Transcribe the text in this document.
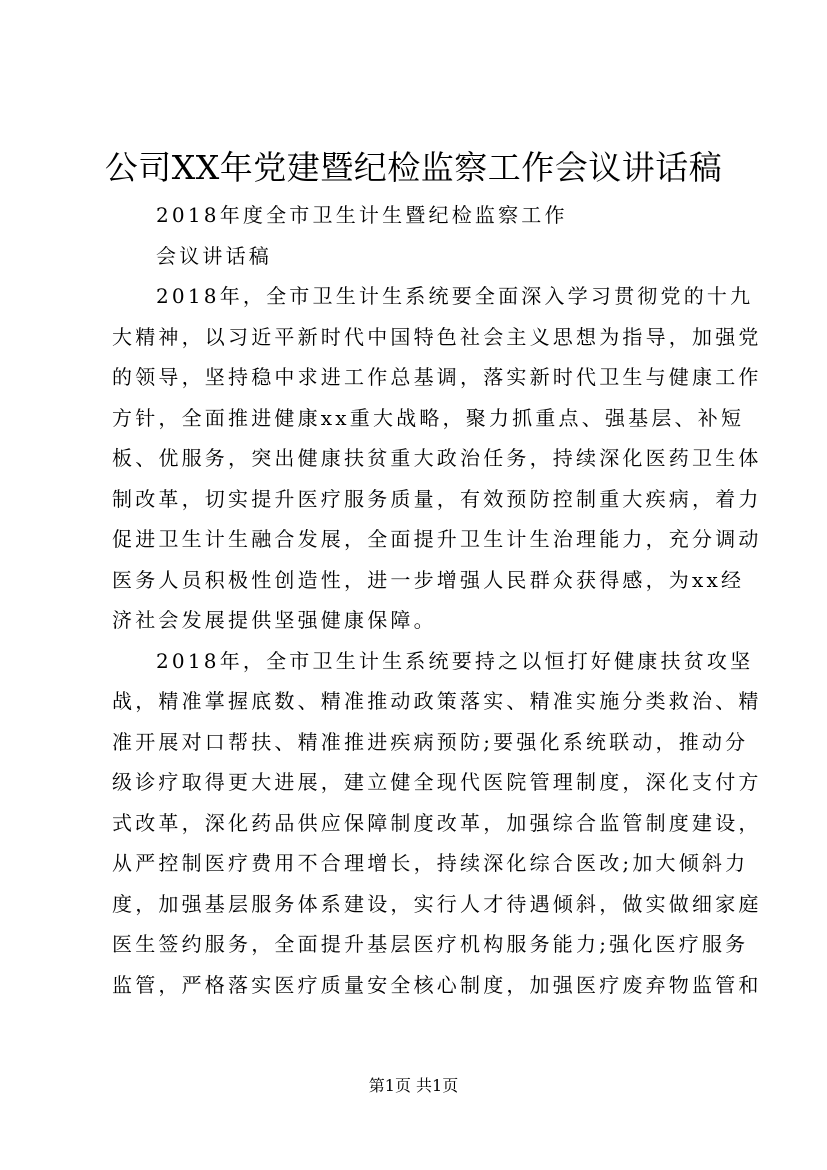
公司XX年党建暨纪检监察工作会议讲话稿
2018年度全市卫生计生暨纪检监察工作
会议讲话稿
2018年，全市卫生计生系统要全面深入学习贯彻党的十九
大精神，以习近平新时代中国特色社会主义思想为指导，加强党
的领导，坚持稳中求进工作总基调，落实新时代卫生与健康工作
方针，全面推进健康xx重大战略，聚力抓重点、强基层、补短
板、优服务，突出健康扶贫重大政治任务，持续深化医药卫生体
制改革，切实提升医疗服务质量，有效预防控制重大疾病，着力
促进卫生计生融合发展，全面提升卫生计生治理能力，充分调动
医务人员积极性创造性，进一步增强人民群众获得感，为xx经
济社会发展提供坚强健康保障。
2018年，全市卫生计生系统要持之以恒打好健康扶贫攻坚
战，精准掌握底数、精准推动政策落实、精准实施分类救治、精
准开展对口帮扶、精准推进疾病预防;要强化系统联动，推动分
级诊疗取得更大进展，建立健全现代医院管理制度，深化支付方
式改革，深化药品供应保障制度改革，加强综合监管制度建设，
从严控制医疗费用不合理增长，持续深化综合医改;加大倾斜力
度，加强基层服务体系建设，实行人才待遇倾斜，做实做细家庭
医生签约服务，全面提升基层医疗机构服务能力;强化医疗服务
监管，严格落实医疗质量安全核心制度，加强医疗废弃物监管和
第1页 共1页
